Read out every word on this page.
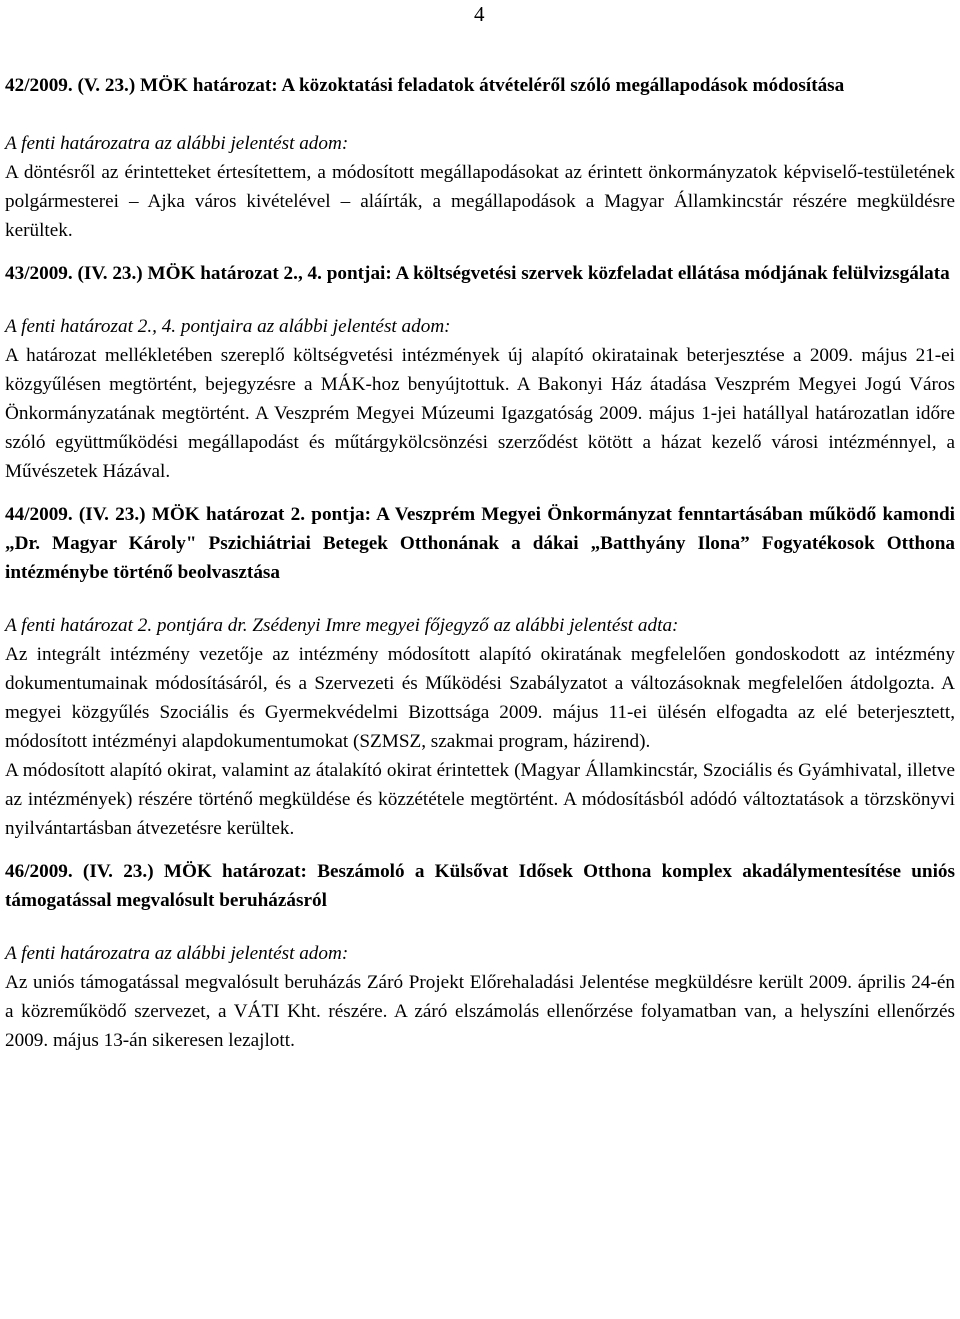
4

42/2009. (V. 23.) MÖK határozat: A közoktatási feladatok átvételéről szóló megállapodások módosítása

A fenti határozatra az alábbi jelentést adom:

A döntésről az érintetteket értesítettem, a módosított megállapodásokat az érintett önkormányzatok képviselő-testületének polgármesterei – Ajka város kivételével – aláírták, a megállapodások a Magyar Államkincstár részére megküldésre kerültek.

43/2009. (IV. 23.) MÖK határozat 2., 4. pontjai: A költségvetési szervek közfeladat ellátása módjának felülvizsgálata

A fenti határozat 2., 4. pontjaira az alábbi jelentést adom:

A határozat mellékletében szereplő költségvetési intézmények új alapító okiratainak beterjesztése a 2009. május 21-ei közgyűlésen megtörtént, bejegyzésre a MÁK-hoz benyújtottuk. A Bakonyi Ház átadása Veszprém Megyei Jogú Város Önkormányzatának megtörtént. A Veszprém Megyei Múzeumi Igazgatóság 2009. május 1-jei hatállyal határozatlan időre szóló együttműködési megállapodást és műtárgykölcsönzési szerződést kötött a házat kezelő városi intézménnyel, a Művészetek Házával.

44/2009. (IV. 23.) MÖK határozat 2. pontja: A Veszprém Megyei Önkormányzat fenntartásában működő kamondi „Dr. Magyar Károly" Pszichiátriai Betegek Otthonának a dákai „Batthyány Ilona” Fogyatékosok Otthona intézménybe történő beolvasztása

A fenti határozat 2. pontjára dr. Zsédenyi Imre megyei főjegyző az alábbi jelentést adta:

Az integrált intézmény vezetője az intézmény módosított alapító okiratának megfelelően gondoskodott az intézmény dokumentumainak módosításáról, és a Szervezeti és Működési Szabályzatot a változásoknak megfelelően átdolgozta. A megyei közgyűlés Szociális és Gyermekvédelmi Bizottsága 2009. május 11-ei ülésén elfogadta az elé beterjesztett, módosított intézményi alapdokumentumokat (SZMSZ, szakmai program, házirend).

A módosított alapító okirat, valamint az átalakító okirat érintettek (Magyar Államkincstár, Szociális és Gyámhivatal, illetve az intézmények) részére történő megküldése és közzététele megtörtént. A módosításból adódó változtatások a törzskönyvi nyilvántartásban átvezetésre kerültek.

46/2009. (IV. 23.) MÖK határozat: Beszámoló a Külsővat Idősek Otthona komplex akadálymentesítése uniós támogatással megvalósult beruházásról

A fenti határozatra az alábbi jelentést adom:

Az uniós támogatással megvalósult beruházás Záró Projekt Előrehaladási Jelentése megküldésre került 2009. április 24-én a közreműködő szervezet, a VÁTI Kht. részére. A záró elszámolás ellenőrzése folyamatban van, a helyszíni ellenőrzés 2009. május 13-án sikeresen lezajlott.
